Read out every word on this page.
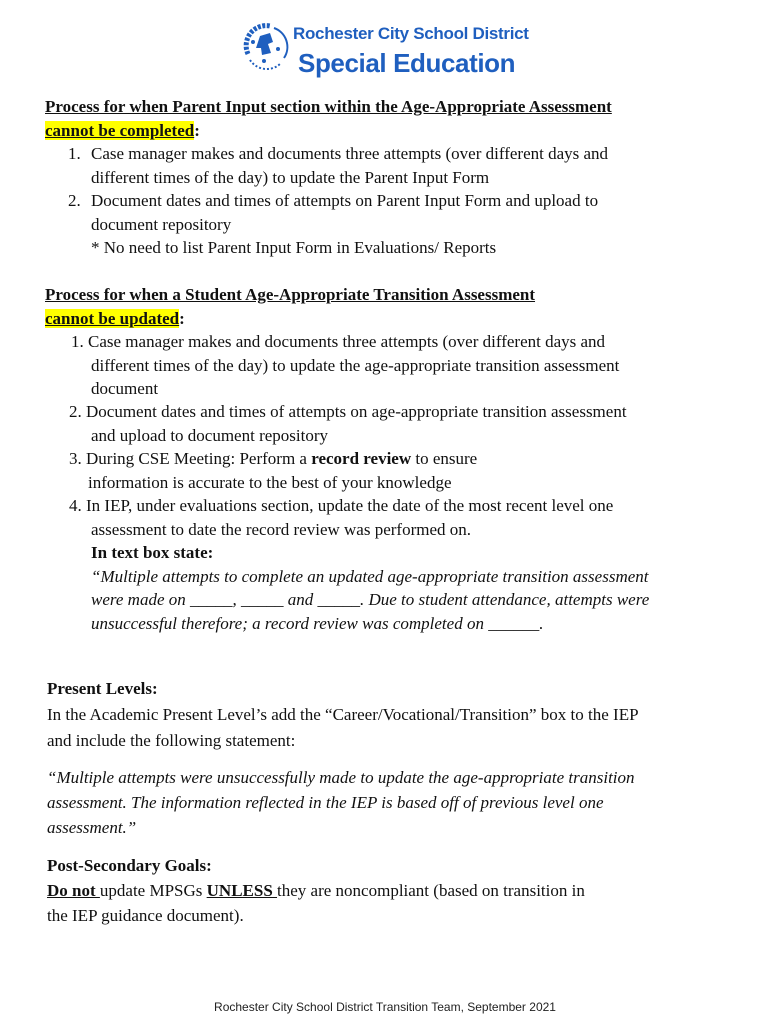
Rochester City School District
Special Education
Process for when Parent Input section within the Age-Appropriate Assessment
cannot be completed:
1. Case manager makes and documents three attempts (over different days and
different times of the day) to update the Parent Input Form
2. Document dates and times of attempts on Parent Input Form and upload to
document repository
* No need to list Parent Input Form in Evaluations/ Reports
Process for when a Student Age-Appropriate Transition Assessment
cannot be updated:
1. Case manager makes and documents three attempts (over different days and
different times of the day) to update the age-appropriate transition assessment
document
2. Document dates and times of attempts on age-appropriate transition assessment
and upload to document repository
3. During CSE Meeting: Perform a record review to ensure
information is accurate to the best of your knowledge
4. In IEP, under evaluations section, update the date of the most recent level one
assessment to date the record review was performed on.
In text box state:
“Multiple attempts to complete an updated age-appropriate transition assessment
were made on _____, _____ and _____. Due to student attendance, attempts were
unsuccessful therefore; a record review was completed on ______.
Present Levels:
In the Academic Present Level’s add the “Career/Vocational/Transition” box to the IEP
and include the following statement:
“Multiple attempts were unsuccessfully made to update the age-appropriate transition
assessment. The information reflected in the IEP is based off of previous level one
assessment.”
Post-Secondary Goals:
Do not update MPSGs UNLESS they are noncompliant (based on transition in
the IEP guidance document).
Rochester City School District Transition Team, September 2021
